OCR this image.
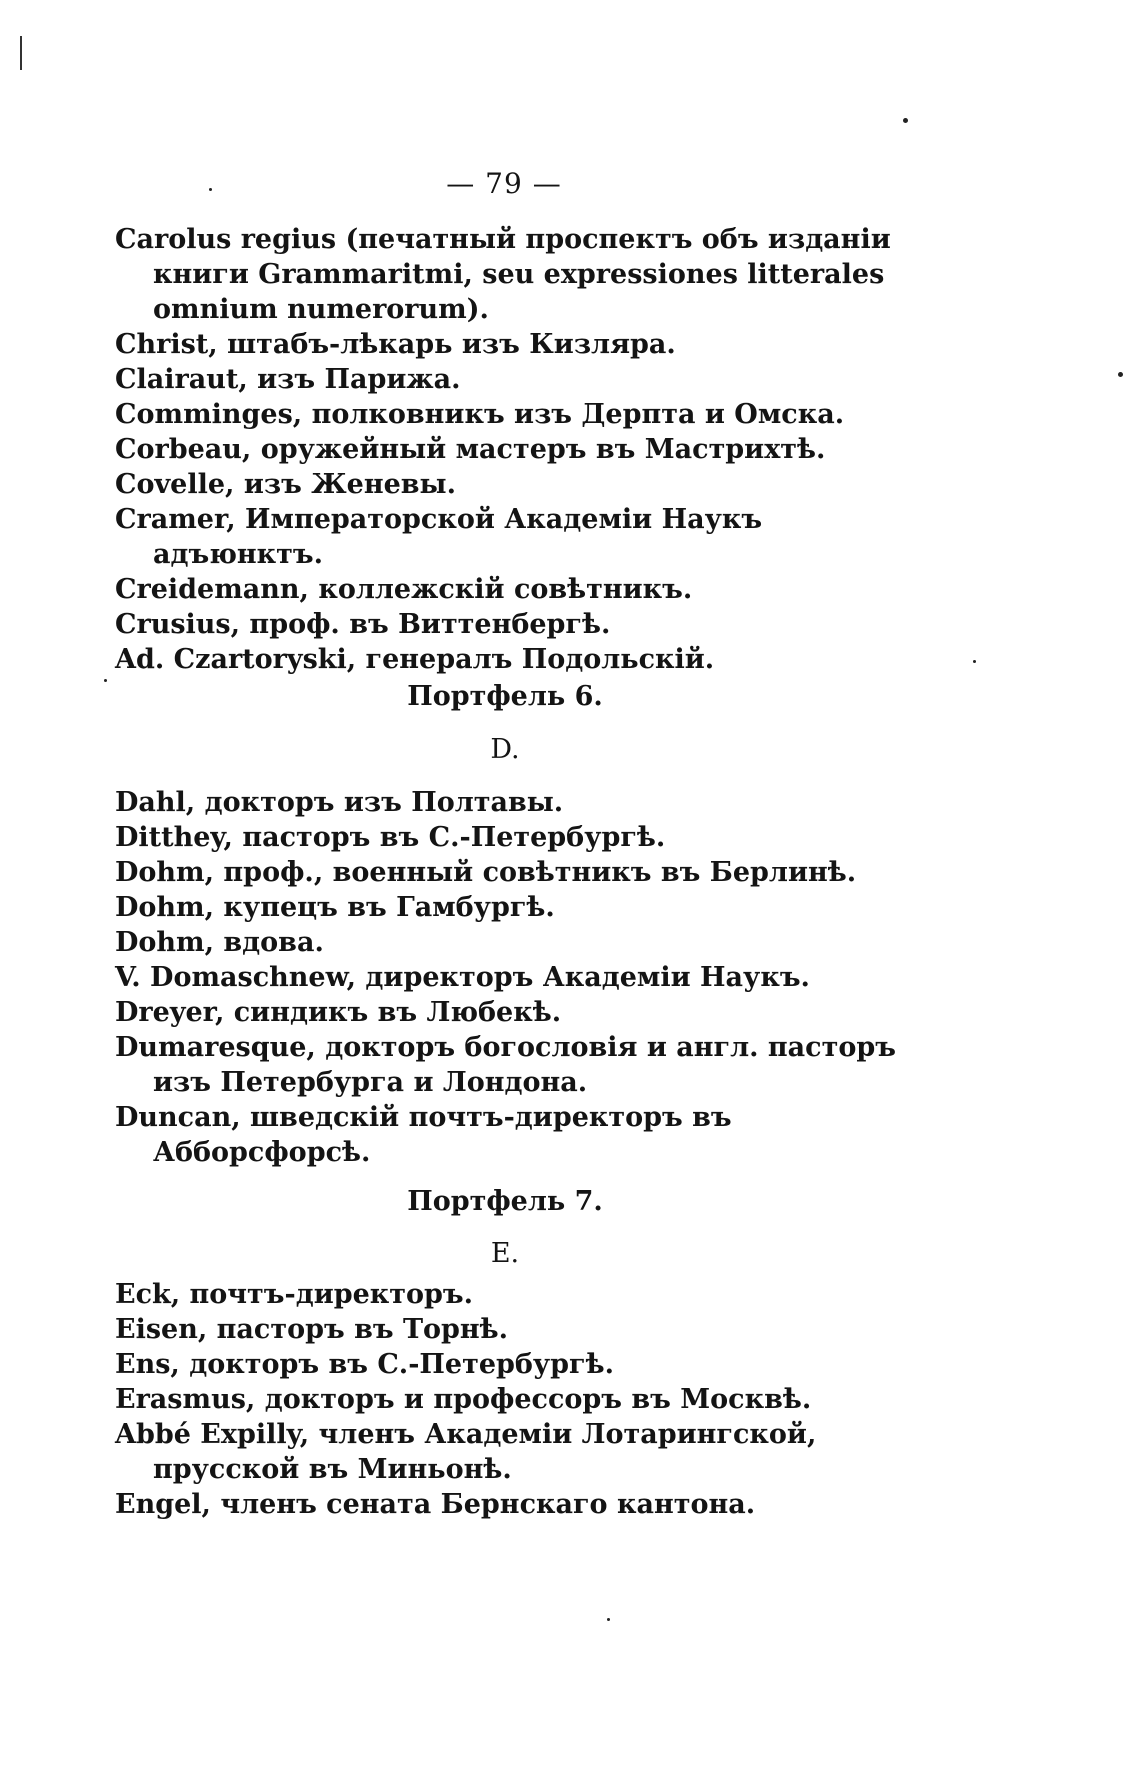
— 79 —

Carolus regius (печатный проспектъ объ изданіи книги Grammaritmi, seu expressiones litterales omnium numerorum).

Christ, штабъ-лѣкарь изъ Кизляра.

Clairaut, изъ Парижа.

Comminges, полковникъ изъ Дерпта и Омска.

Corbeau, оружейный мастеръ въ Мастрихтѣ.

Covelle, изъ Женевы.

Cramer, Императорской Академіи Наукъ адъюнктъ.

Creidemann, коллежскій совѣтникъ.

Crusius, проф. въ Виттенбергѣ.

Ad. Czartoryski, генералъ Подольскій.

Портфель 6.
D.

Dahl, докторъ изъ Полтавы.

Ditthey, пасторъ въ С.-Петербургѣ.

Dohm, проф., военный совѣтникъ въ Берлинѣ.

Dohm, купецъ въ Гамбургѣ.

Dohm, вдова.

V. Domaschnew, директоръ Академіи Наукъ.

Dreyer, синдикъ въ Любекѣ.

Dumaresque, докторъ богословія и англ. пасторъ изъ Петербурга и Лондона.

Duncan, шведскій почтъ-директоръ въ Абборсфорсѣ.

Портфель 7.
E.

Eck, почтъ-директоръ.

Eisen, пасторъ въ Торнѣ.

Ens, докторъ въ С.-Петербургѣ.

Erasmus, докторъ и профессоръ въ Москвѣ.

Abbé Expilly, членъ Академіи Лотарингской, прусской въ Миньонѣ.

Engel, членъ сената Бернскаго кантона.
